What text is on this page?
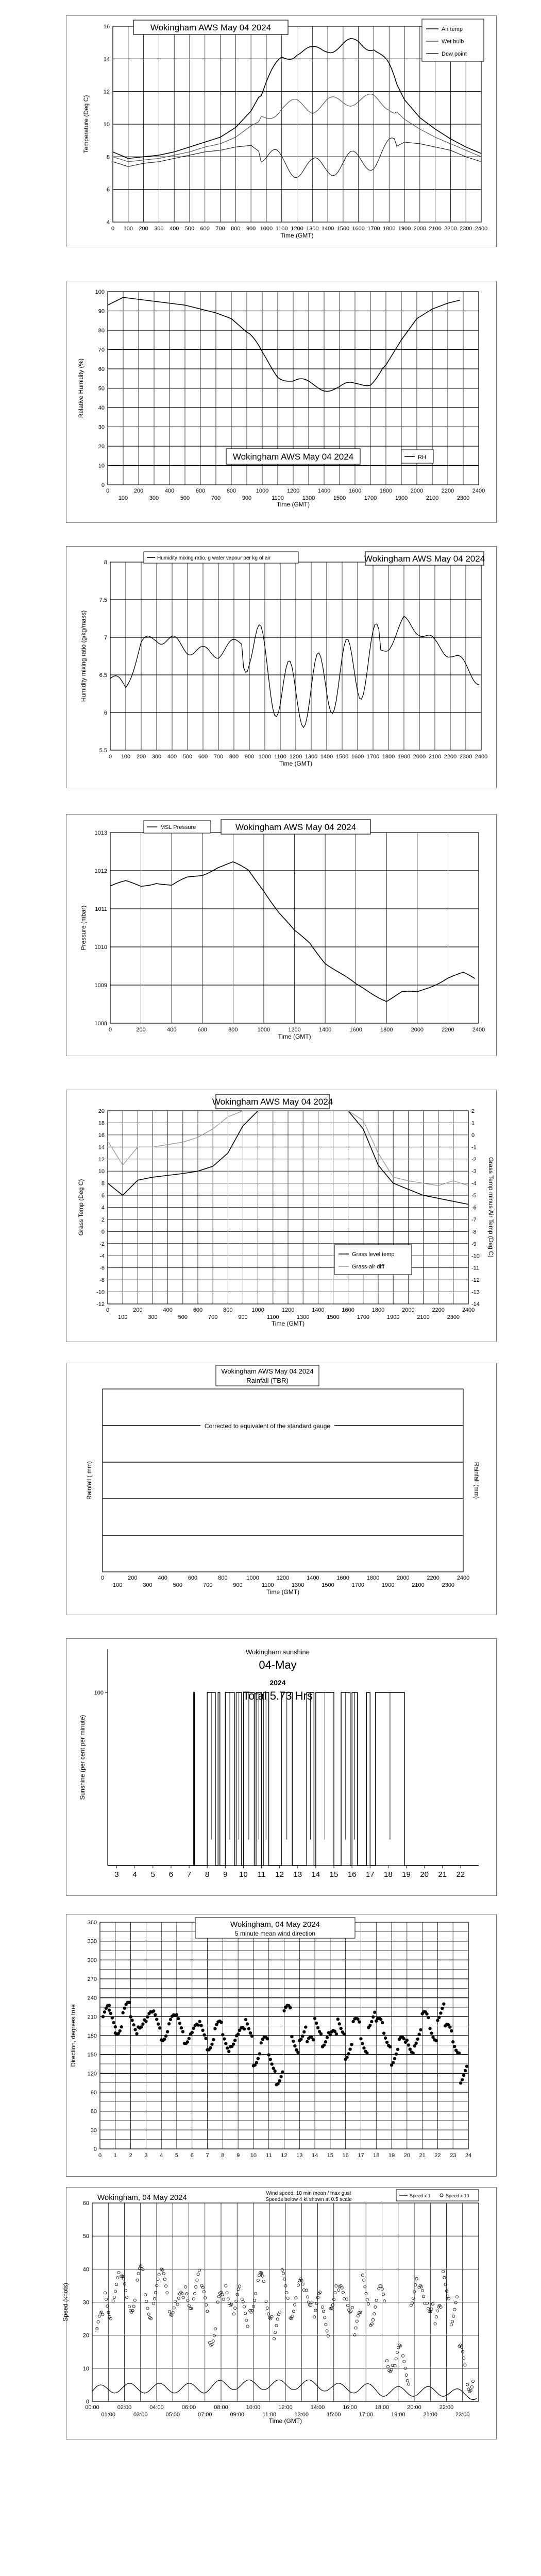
4
6
8
10
12
14
16
0 100 200 300 400 500 600 700 800 900 1000 1100 1200 1300 1400 1500 1600 1700 1800 1900 2000 2100 2200 2300 2400
Time (GMT)
Temperature (Deg C)
Wokingham AWS May 04 2024	Air temp
Wet bulb
Dew point
0
10
20
30
40
50
60
70
80
90
100
0	200	400	600	800	1000	1200	1400	1600	1800	2000	2200	2400
100	300	500	700	900	1100	1300	1500	1700	1900	2100	2300
Time (GMT)
Relative Humidity (%)
Wokingham AWS May 04 2024	RH
5.5
6
6.5
7
7.5
8
0 100 200 300 400 500 600 700 800 900 1000 1100 1200 1300 1400 1500 1600 1700 1800 1900 2000 2100 2200 2300 2400
Time (GMT)
Humidity mixing ratio (g/kg/mass)
Wokingham AWS May 04 2024
Humidity mixing ratio, g water vapour per kg of air
1008
1009
1010
1011
1012
1013
0	200	400	600	800	1000	1200	1400	1600	1800	2000	2200	2400
Time (GMT)
Pressure (mbar)
Wokingham AWS May 04 2024
MSL Pressure
-12
-10
-8
-6
-4
-2
0
2
4
6
8
10
12
14
16
18
20
0	200	400	600	800	1000	1200	1400	1600	1800	2000	2200	2400
100	300	500	700	900	1100	1300	1500	1700	1900	2100	2300
Time (GMT)
Grass Temp (Deg C)
Wokingham AWS May 04 2024
-14
-13
-12
-11
-10
-9
-8
-7
-6
-5
-4
-3
-2
-1
0
1
2
Grass Temp minus Air Temp (Deg C)
Grass level temp
Grass-air diff
0	200	400	600	800	1000	1200	1400	1600	1800	2000	2200	2400
100	300	500	700	900	1100	1300	1500	1700	1900	2100	2300
Time (GMT)
Rainfall ( mm)	Rainfall (mm)
Wokingham AWS May 04 2024
Rainfall (TBR)
Corrected to equivalent of the standard gauge
100
Sunshine (per cent per minute)
3 4 5 6 7 8 9 10 11 12 13 14 15 16 17 18 19 20 21 22
Wokingham sunshine
04-May
2024
Total 5.73 Hrs
0
30
60
90
120
150
180
210
240
270
300
330
360
0 1 2 3 4 5 6 7 8 9 10 11 12 13 14 15 16 17 18 19 20 21 22 23 24
Direction, degrees true
Wokingham, 04 May 2024
5 minute mean wind direction
0
10
20
30
40
50
60
00:00	02:00	04:00	06:00	08:00	10:00	12:00	14:00	16:00	18:00	20:00	22:00
01:00	03:00	05:00	07:00	09:00	11:00	13:00	15:00	17:00	19:00	21:00	23:00
Time (GMT)
Speed (knots)
Wokingham, 04 May 2024	Wind speed: 10 min mean / max gust
Speeds below 4 kt shown at 0.5 scale
Speed x 1	Speed x 10
